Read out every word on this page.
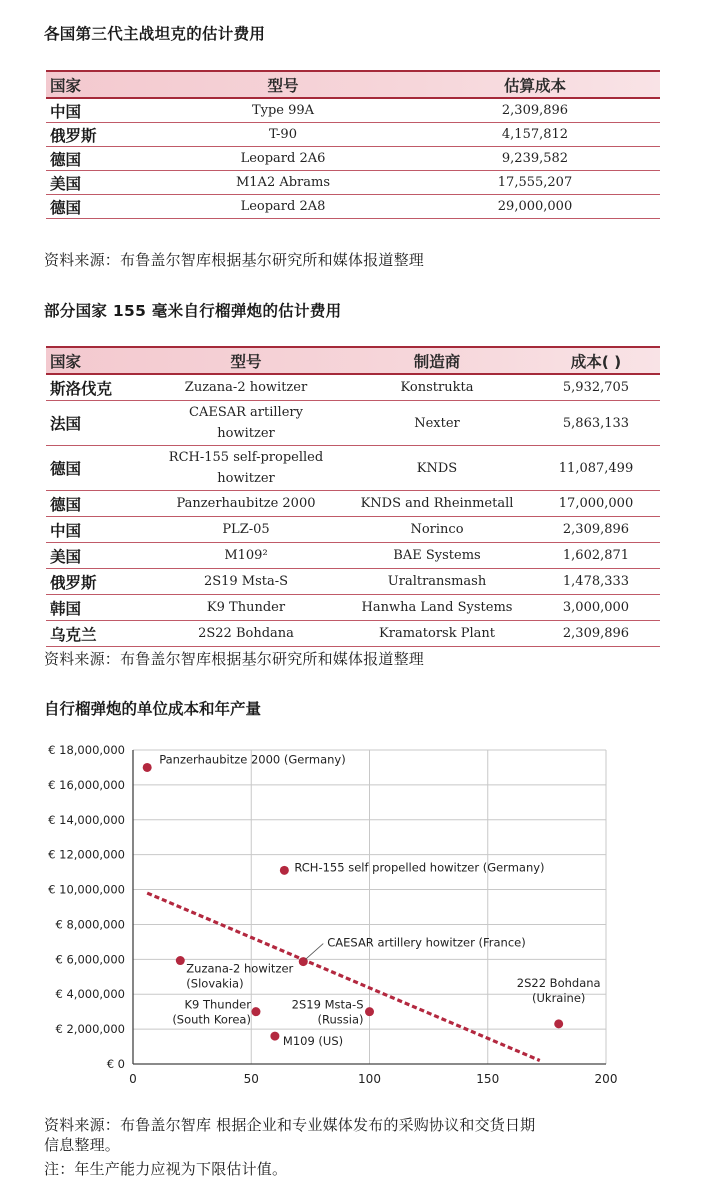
各国第三代主战坦克的估计费用
国家	型号	估算成本
中国	Type 99A	2,309,896
俄罗斯	T-90	4,157,812
德国	Leopard 2A6	9,239,582
美国	M1A2 Abrams	17,555,207
德国	Leopard 2A8	29,000,000
资料来源：布鲁盖尔智库根据基尔研究所和媒体报道整理
部分国家 155 毫米自行榴弹炮的估计费用
国家	型号	制造商	成本( )
斯洛伐克	Zuzana-2 howitzer	Konstrukta	5,932,705
法国	CAESAR artillery howitzer	Nexter	5,863,133
德国	RCH-155 self-propelled howitzer	KNDS	11,087,499
德国	Panzerhaubitze 2000	KNDS and Rheinmetall	17,000,000
中国	PLZ-05	Norinco	2,309,896
美国	M109²	BAE Systems	1,602,871
俄罗斯	2S19 Msta-S	Uraltransmash	1,478,333
韩国	K9 Thunder	Hanwha Land Systems	3,000,000
乌克兰	2S22 Bohdana	Kramatorsk Plant	2,309,896
资料来源：布鲁盖尔智库根据基尔研究所和媒体报道整理
自行榴弹炮的单位成本和年产量
€ 0
€ 2,000,000
€ 4,000,000
€ 6,000,000
€ 8,000,000
€ 10,000,000
€ 12,000,000
€ 14,000,000
€ 16,000,000
€ 18,000,000
0	50	100	150	200
Panzerhaubitze 2000 (Germany)
RCH-155 self propelled howitzer (Germany)
CAESAR artillery howitzer (France)
Zuzana-2 howitzer (Slovakia)
K9 Thunder (South Korea)
2S19 Msta-S (Russia)
M109 (US)
2S22 Bohdana (Ukraine)
资料来源：布鲁盖尔智库 根据企业和专业媒体发布的采购协议和交货日期
信息整理。
注：年生产能力应视为下限估计值。
